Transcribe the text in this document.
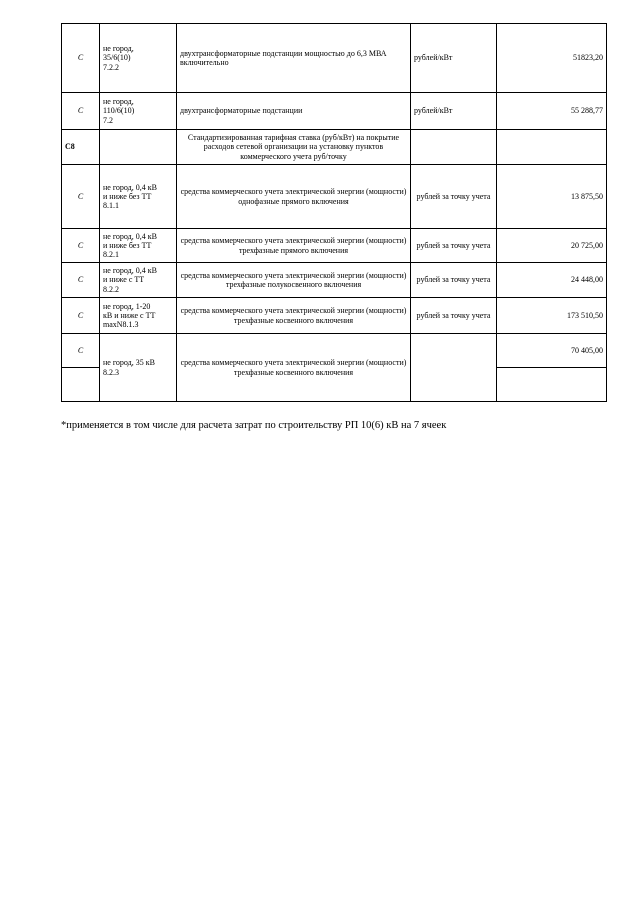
C	не город,
35/6(10)
7.2.2	двухтрансформаторные подстанции мощностью до 6,3 МВА включительно	рублей/кВт	51823,20
C	не город,
110/6(10)
7.2	двухтрансформаторные подстанции	рублей/кВт	55 288,77
C8		Стандартизированная тарифная ставка (руб/кВт) на покрытие расходов сетевой организации на установку пунктов коммерческого учета руб/точку		
C	не город, 0,4 кВ
и ниже без ТТ
8.1.1	средства коммерческого учета электрической энергии (мощности) однофазные прямого включения	рублей за точку учета	13 875,50
C	не город, 0,4 кВ
и ниже без ТТ
8.2.1	средства коммерческого учета электрической энергии (мощности) трехфазные прямого включения	рублей за точку учета	20 725,00
C	не город, 0,4 кВ
и ниже с ТТ
8.2.2	средства коммерческого учета электрической энергии (мощности) трехфазные полукосвенного включения	рублей за точку учета	24 448,00
C	не город, 1-20
кВ и ниже с ТТ
maxN8.1.3	средства коммерческого учета электрической энергии (мощности) трехфазные косвенного включения	рублей за точку учета	173 510,50
C	не город, 35 кВ
8.2.3	средства коммерческого учета электрической энергии (мощности) трехфазные косвенного включения		70 405,00

*применяется в том числе для расчета затрат по строительству РП 10(6) кВ на 7 ячеек
